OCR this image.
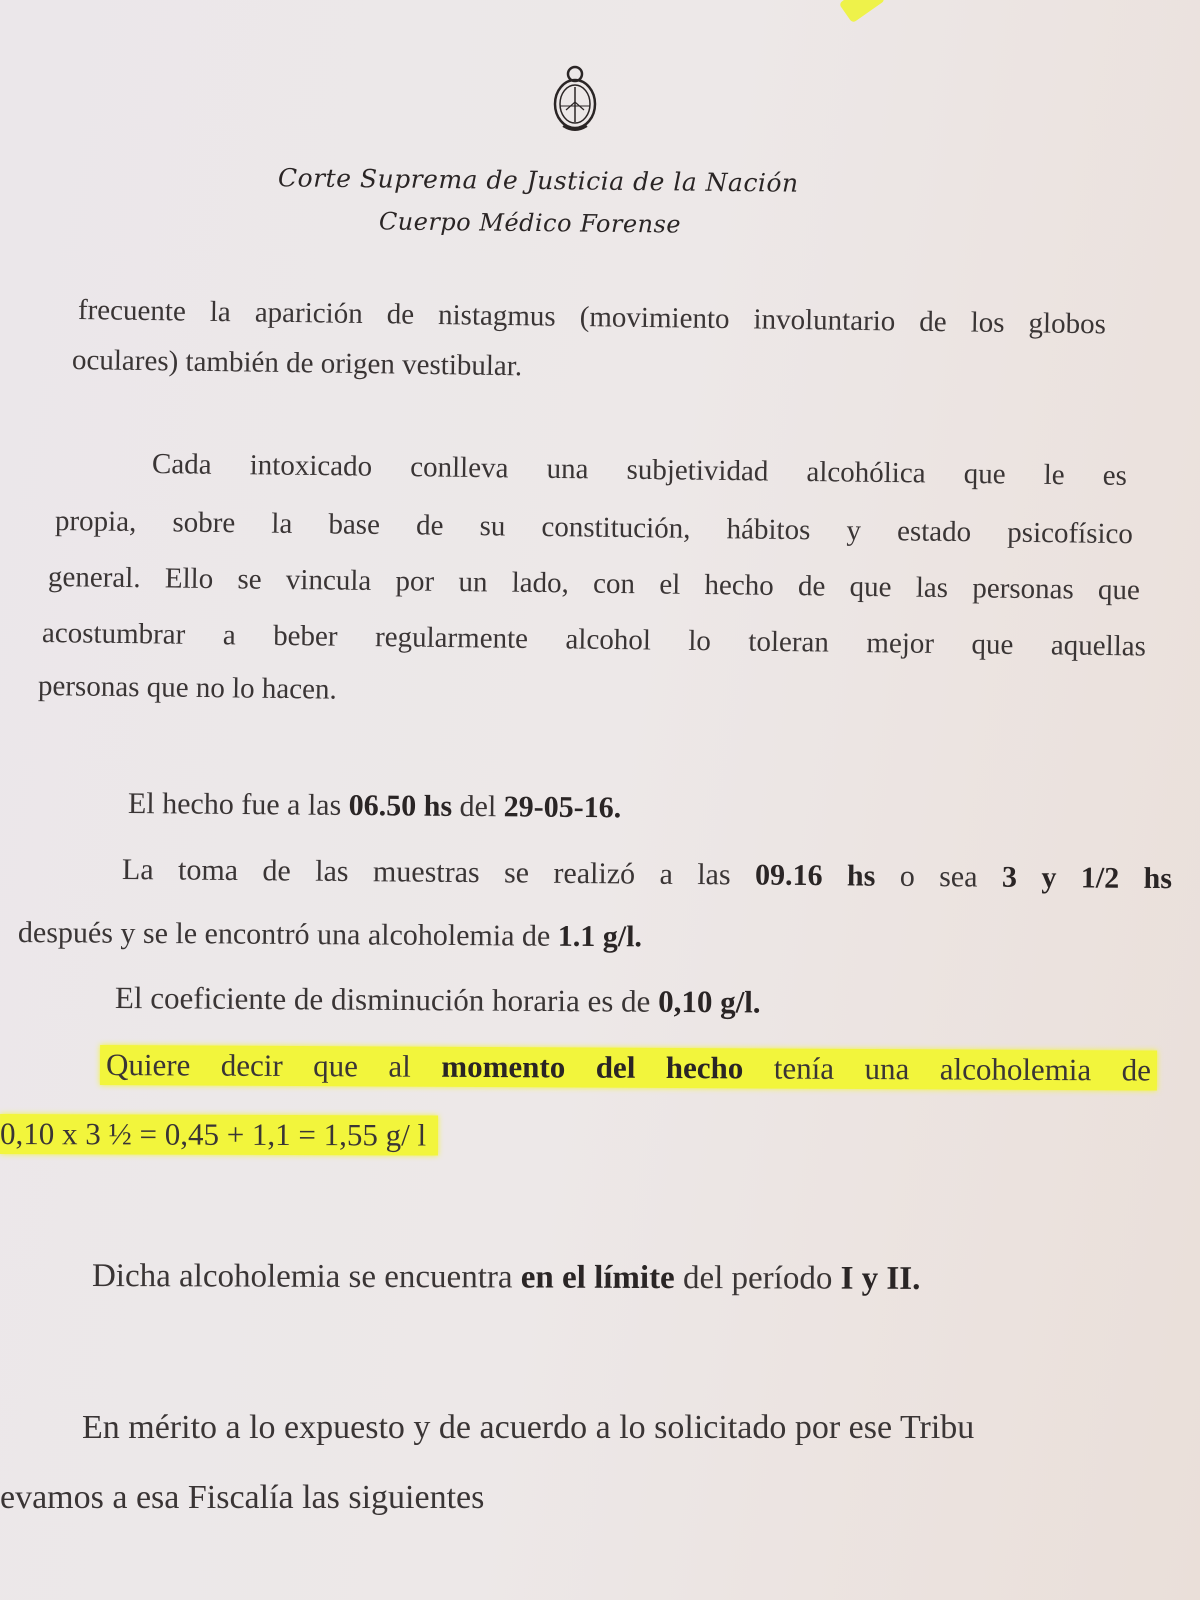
Corte Suprema de Justicia de la Nación
Cuerpo Médico Forense
frecuente la aparición de nistagmus (movimiento involuntario de los globos
oculares) también de origen vestibular.
Cada intoxicado conlleva una subjetividad alcohólica que le es
propia, sobre la base de su constitución, hábitos y estado psicofísico
general. Ello se vincula por un lado, con el hecho de que las personas que
acostumbrar a beber regularmente alcohol lo toleran mejor que aquellas
personas que no lo hacen.
El hecho fue a las 06.50 hs del 29-05-16.
La toma de las muestras se realizó a las 09.16 hs o sea 3 y 1/2 hs
después y se le encontró una alcoholemia de 1.1 g/l.
El coeficiente de disminución horaria es de 0,10 g/l.
Quiere decir que al momento del hecho tenía una alcoholemia de
0,10 x 3 ½ = 0,45 + 1,1 = 1,55 g/ l
Dicha alcoholemia se encuentra en el límite del período I y II.
En mérito a lo expuesto y de acuerdo a lo solicitado por ese Tribu
evamos a esa Fiscalía las siguientes
